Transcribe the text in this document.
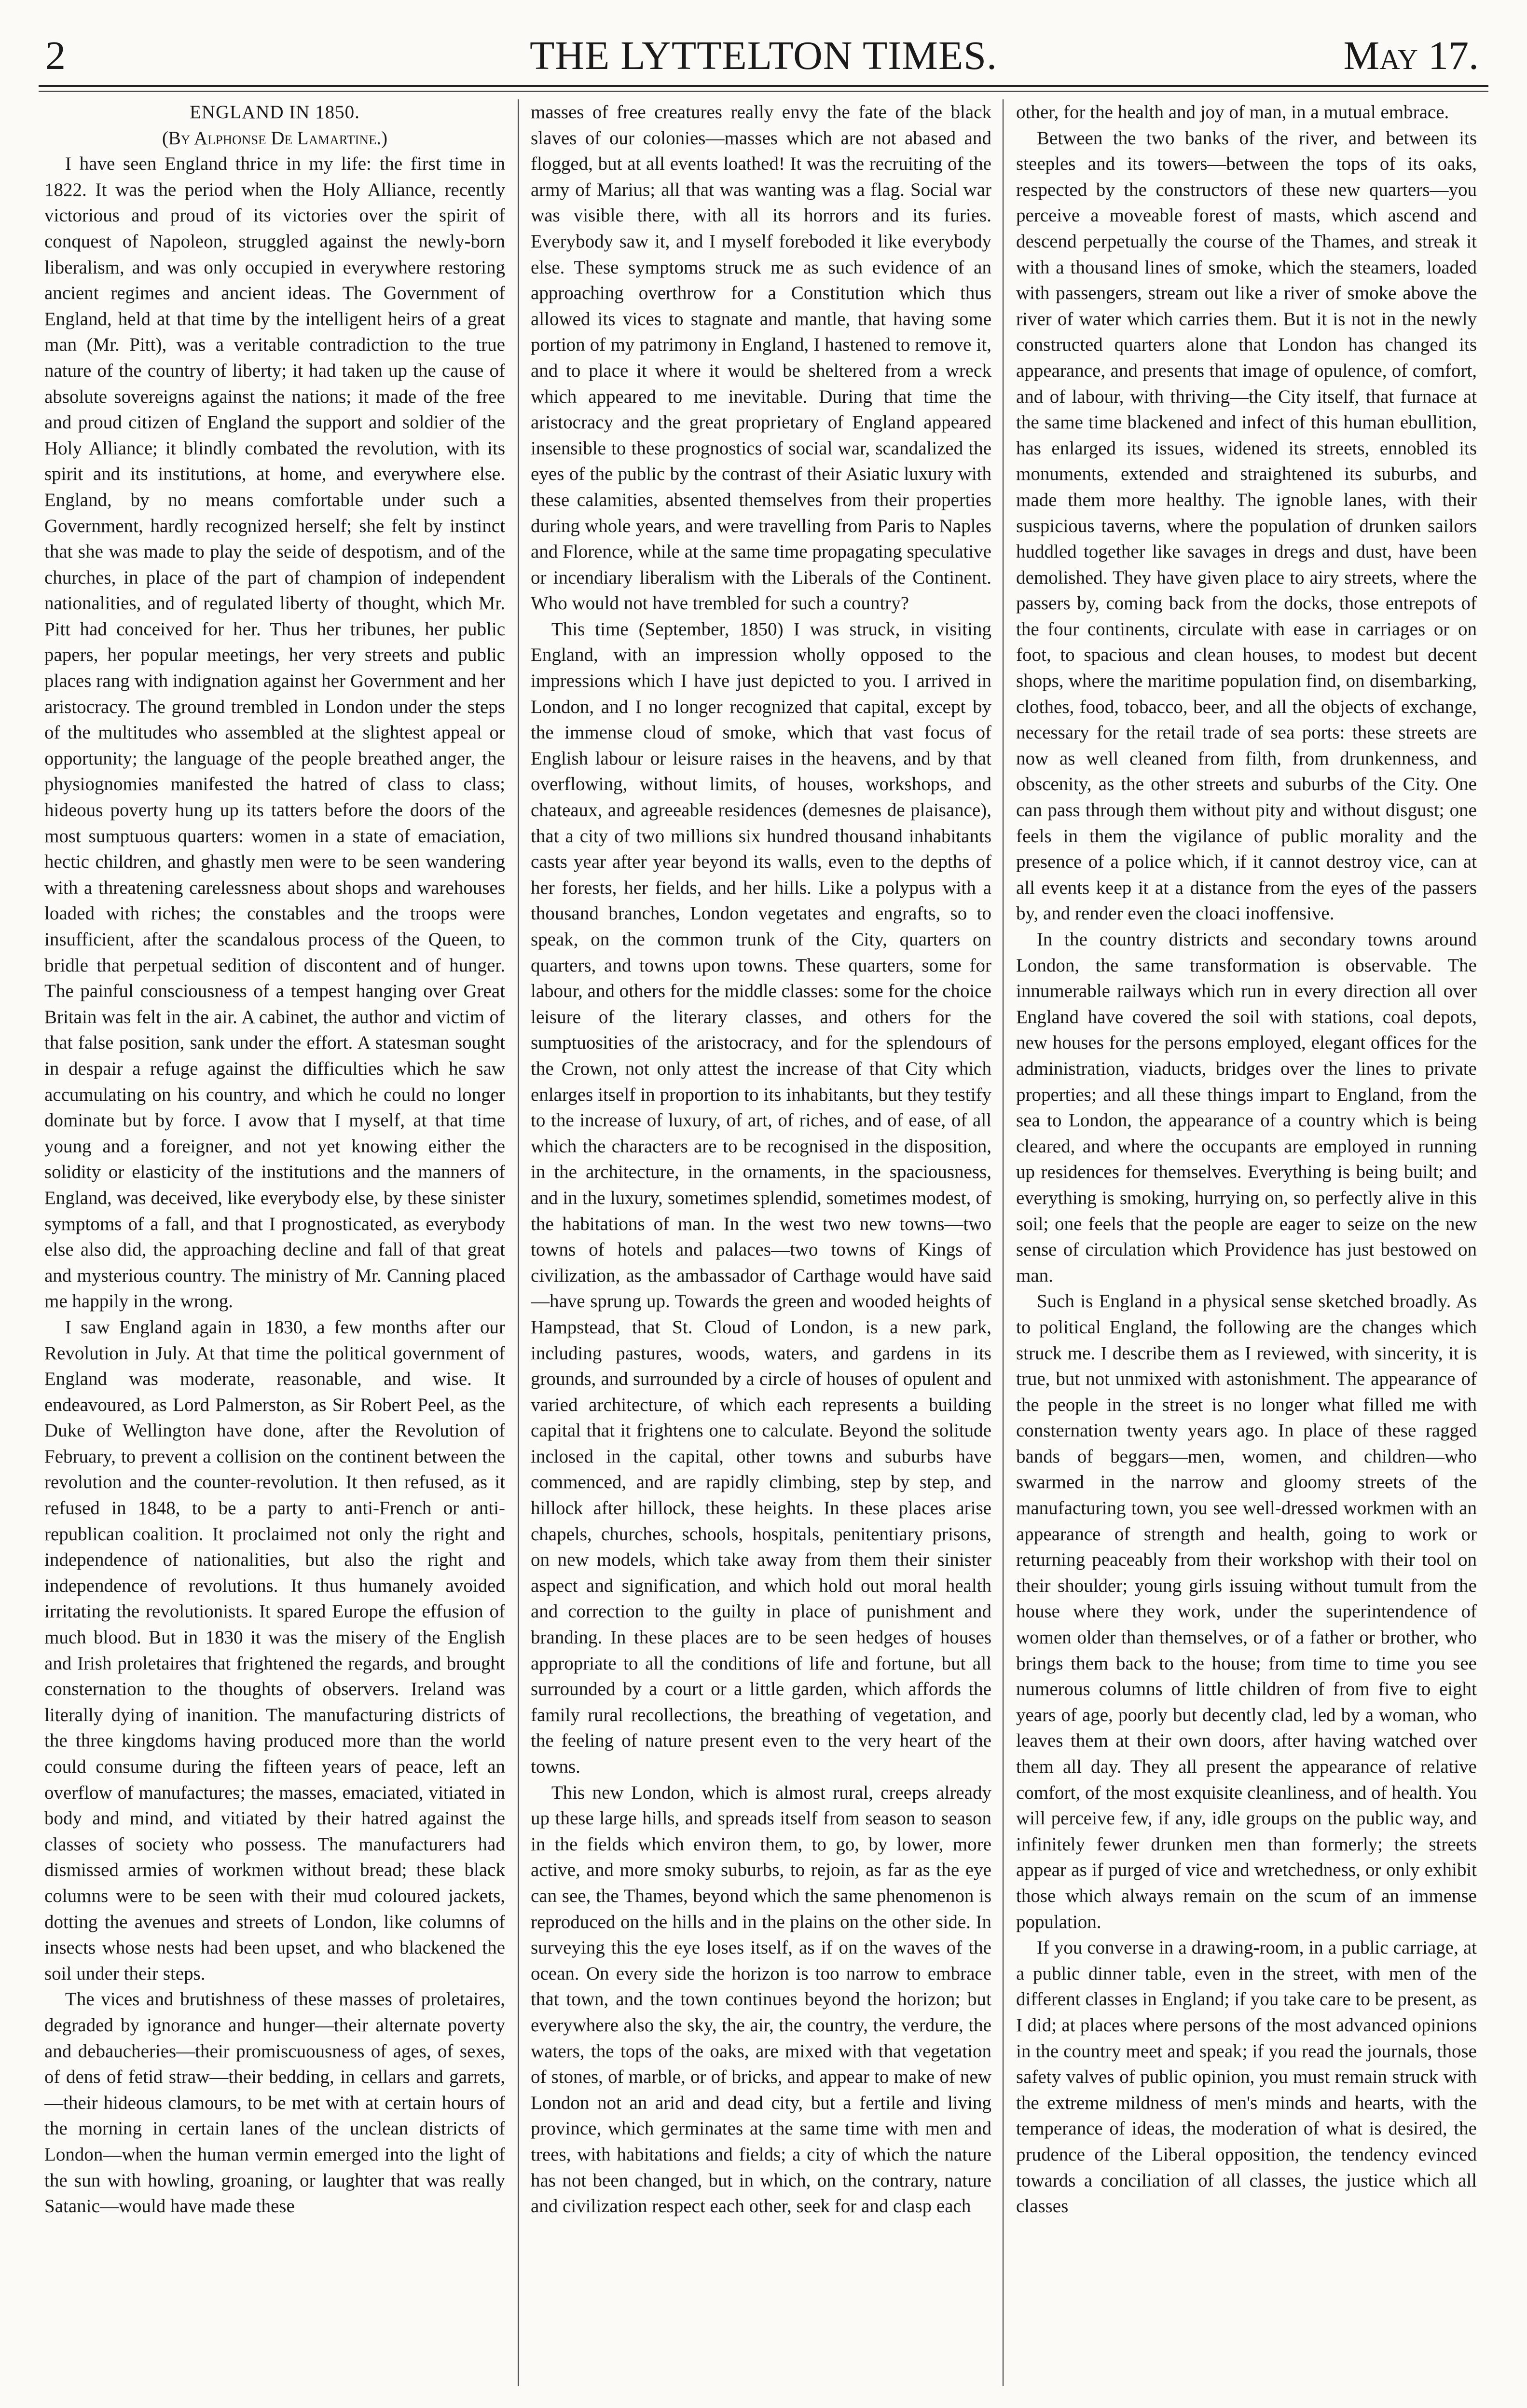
2	THE LYTTELTON TIMES.	May 17.

ENGLAND IN 1850.

(By Alphonse De Lamartine.)

I have seen England thrice in my life: the first time in 1822. It was the period when the Holy Alliance, recently victorious and proud of its victories over the spirit of conquest of Napoleon, struggled against the newly-born liberalism, and was only occupied in everywhere restoring ancient regimes and ancient ideas. The Government of England, held at that time by the intelligent heirs of a great man (Mr. Pitt), was a veritable contradiction to the true nature of the country of liberty; it had taken up the cause of absolute sovereigns against the nations; it made of the free and proud citizen of England the support and soldier of the Holy Alliance; it blindly combated the revolution, with its spirit and its institutions, at home, and everywhere else. England, by no means comfortable under such a Government, hardly recognized herself; she felt by instinct that she was made to play the seide of despotism, and of the churches, in place of the part of champion of independent nationalities, and of regulated liberty of thought, which Mr. Pitt had conceived for her. Thus her tribunes, her public papers, her popular meetings, her very streets and public places rang with indignation against her Government and her aristocracy. The ground trembled in London under the steps of the multitudes who assembled at the slightest appeal or opportunity; the language of the people breathed anger, the physiognomies manifested the hatred of class to class; hideous poverty hung up its tatters before the doors of the most sumptuous quarters: women in a state of emaciation, hectic children, and ghastly men were to be seen wandering with a threatening carelessness about shops and warehouses loaded with riches; the constables and the troops were insufficient, after the scandalous process of the Queen, to bridle that perpetual sedition of discontent and of hunger. The painful consciousness of a tempest hanging over Great Britain was felt in the air. A cabinet, the author and victim of that false position, sank under the effort. A statesman sought in despair a refuge against the difficulties which he saw accumulating on his country, and which he could no longer dominate but by force. I avow that I myself, at that time young and a foreigner, and not yet knowing either the solidity or elasticity of the institutions and the manners of England, was deceived, like everybody else, by these sinister symptoms of a fall, and that I prognosticated, as everybody else also did, the approaching decline and fall of that great and mysterious country. The ministry of Mr. Canning placed me happily in the wrong.

I saw England again in 1830, a few months after our Revolution in July. At that time the political government of England was moderate, reasonable, and wise. It endeavoured, as Lord Palmerston, as Sir Robert Peel, as the Duke of Wellington have done, after the Revolution of February, to prevent a collision on the continent between the revolution and the counter-revolution. It then refused, as it refused in 1848, to be a party to anti-French or anti-republican coalition. It proclaimed not only the right and independence of nationalities, but also the right and independence of revolutions. It thus humanely avoided irritating the revolutionists. It spared Europe the effusion of much blood. But in 1830 it was the misery of the English and Irish proletaires that frightened the regards, and brought consternation to the thoughts of observers. Ireland was literally dying of inanition. The manufacturing districts of the three kingdoms having produced more than the world could consume during the fifteen years of peace, left an overflow of manufactures; the masses, emaciated, vitiated in body and mind, and vitiated by their hatred against the classes of society who possess. The manufacturers had dismissed armies of workmen without bread; these black columns were to be seen with their mud coloured jackets, dotting the avenues and streets of London, like columns of insects whose nests had been upset, and who blackened the soil under their steps.

The vices and brutishness of these masses of proletaires, degraded by ignorance and hunger—their alternate poverty and debaucheries—their promiscuousness of ages, of sexes, of dens of fetid straw—their bedding, in cellars and garrets,—their hideous clamours, to be met with at certain hours of the morning in certain lanes of the unclean districts of London—when the human vermin emerged into the light of the sun with howling, groaning, or laughter that was really Satanic—would have made these

masses of free creatures really envy the fate of the black slaves of our colonies—masses which are not abased and flogged, but at all events loathed! It was the recruiting of the army of Marius; all that was wanting was a flag. Social war was visible there, with all its horrors and its furies. Everybody saw it, and I myself foreboded it like everybody else. These symptoms struck me as such evidence of an approaching overthrow for a Constitution which thus allowed its vices to stagnate and mantle, that having some portion of my patrimony in England, I hastened to remove it, and to place it where it would be sheltered from a wreck which appeared to me inevitable. During that time the aristocracy and the great proprietary of England appeared insensible to these prognostics of social war, scandalized the eyes of the public by the contrast of their Asiatic luxury with these calamities, absented themselves from their properties during whole years, and were travelling from Paris to Naples and Florence, while at the same time propagating speculative or incendiary liberalism with the Liberals of the Continent. Who would not have trembled for such a country?

This time (September, 1850) I was struck, in visiting England, with an impression wholly opposed to the impressions which I have just depicted to you. I arrived in London, and I no longer recognized that capital, except by the immense cloud of smoke, which that vast focus of English labour or leisure raises in the heavens, and by that overflowing, without limits, of houses, workshops, and chateaux, and agreeable residences (demesnes de plaisance), that a city of two millions six hundred thousand inhabitants casts year after year beyond its walls, even to the depths of her forests, her fields, and her hills. Like a polypus with a thousand branches, London vegetates and engrafts, so to speak, on the common trunk of the City, quarters on quarters, and towns upon towns. These quarters, some for labour, and others for the middle classes: some for the choice leisure of the literary classes, and others for the sumptuosities of the aristocracy, and for the splendours of the Crown, not only attest the increase of that City which enlarges itself in proportion to its inhabitants, but they testify to the increase of luxury, of art, of riches, and of ease, of all which the characters are to be recognised in the disposition, in the architecture, in the ornaments, in the spaciousness, and in the luxury, sometimes splendid, sometimes modest, of the habitations of man. In the west two new towns—two towns of hotels and palaces—two towns of Kings of civilization, as the ambassador of Carthage would have said—have sprung up. Towards the green and wooded heights of Hampstead, that St. Cloud of London, is a new park, including pastures, woods, waters, and gardens in its grounds, and surrounded by a circle of houses of opulent and varied architecture, of which each represents a building capital that it frightens one to calculate. Beyond the solitude inclosed in the capital, other towns and suburbs have commenced, and are rapidly climbing, step by step, and hillock after hillock, these heights. In these places arise chapels, churches, schools, hospitals, penitentiary prisons, on new models, which take away from them their sinister aspect and signification, and which hold out moral health and correction to the guilty in place of punishment and branding. In these places are to be seen hedges of houses appropriate to all the conditions of life and fortune, but all surrounded by a court or a little garden, which affords the family rural recollections, the breathing of vegetation, and the feeling of nature present even to the very heart of the towns.

This new London, which is almost rural, creeps already up these large hills, and spreads itself from season to season in the fields which environ them, to go, by lower, more active, and more smoky suburbs, to rejoin, as far as the eye can see, the Thames, beyond which the same phenomenon is reproduced on the hills and in the plains on the other side. In surveying this the eye loses itself, as if on the waves of the ocean. On every side the horizon is too narrow to embrace that town, and the town continues beyond the horizon; but everywhere also the sky, the air, the country, the verdure, the waters, the tops of the oaks, are mixed with that vegetation of stones, of marble, or of bricks, and appear to make of new London not an arid and dead city, but a fertile and living province, which germinates at the same time with men and trees, with habitations and fields; a city of which the nature has not been changed, but in which, on the contrary, nature and civilization respect each other, seek for and clasp each

other, for the health and joy of man, in a mutual embrace.

Between the two banks of the river, and between its steeples and its towers—between the tops of its oaks, respected by the constructors of these new quarters—you perceive a moveable forest of masts, which ascend and descend perpetually the course of the Thames, and streak it with a thousand lines of smoke, which the steamers, loaded with passengers, stream out like a river of smoke above the river of water which carries them. But it is not in the newly constructed quarters alone that London has changed its appearance, and presents that image of opulence, of comfort, and of labour, with thriving—the City itself, that furnace at the same time blackened and infect of this human ebullition, has enlarged its issues, widened its streets, ennobled its monuments, extended and straightened its suburbs, and made them more healthy. The ignoble lanes, with their suspicious taverns, where the population of drunken sailors huddled together like savages in dregs and dust, have been demolished. They have given place to airy streets, where the passers by, coming back from the docks, those entrepots of the four continents, circulate with ease in carriages or on foot, to spacious and clean houses, to modest but decent shops, where the maritime population find, on disembarking, clothes, food, tobacco, beer, and all the objects of exchange, necessary for the retail trade of sea ports: these streets are now as well cleaned from filth, from drunkenness, and obscenity, as the other streets and suburbs of the City. One can pass through them without pity and without disgust; one feels in them the vigilance of public morality and the presence of a police which, if it cannot destroy vice, can at all events keep it at a distance from the eyes of the passers by, and render even the cloaci inoffensive.

In the country districts and secondary towns around London, the same transformation is observable. The innumerable railways which run in every direction all over England have covered the soil with stations, coal depots, new houses for the persons employed, elegant offices for the administration, viaducts, bridges over the lines to private properties; and all these things impart to England, from the sea to London, the appearance of a country which is being cleared, and where the occupants are employed in running up residences for themselves. Everything is being built; and everything is smoking, hurrying on, so perfectly alive in this soil; one feels that the people are eager to seize on the new sense of circulation which Providence has just bestowed on man.

Such is England in a physical sense sketched broadly. As to political England, the following are the changes which struck me. I describe them as I reviewed, with sincerity, it is true, but not unmixed with astonishment. The appearance of the people in the street is no longer what filled me with consternation twenty years ago. In place of these ragged bands of beggars—men, women, and children—who swarmed in the narrow and gloomy streets of the manufacturing town, you see well-dressed workmen with an appearance of strength and health, going to work or returning peaceably from their workshop with their tool on their shoulder; young girls issuing without tumult from the house where they work, under the superintendence of women older than themselves, or of a father or brother, who brings them back to the house; from time to time you see numerous columns of little children of from five to eight years of age, poorly but decently clad, led by a woman, who leaves them at their own doors, after having watched over them all day. They all present the appearance of relative comfort, of the most exquisite cleanliness, and of health. You will perceive few, if any, idle groups on the public way, and infinitely fewer drunken men than formerly; the streets appear as if purged of vice and wretchedness, or only exhibit those which always remain on the scum of an immense population.

If you converse in a drawing-room, in a public carriage, at a public dinner table, even in the street, with men of the different classes in England; if you take care to be present, as I did; at places where persons of the most advanced opinions in the country meet and speak; if you read the journals, those safety valves of public opinion, you must remain struck with the extreme mildness of men's minds and hearts, with the temperance of ideas, the moderation of what is desired, the prudence of the Liberal opposition, the tendency evinced towards a conciliation of all classes, the justice which all classes
